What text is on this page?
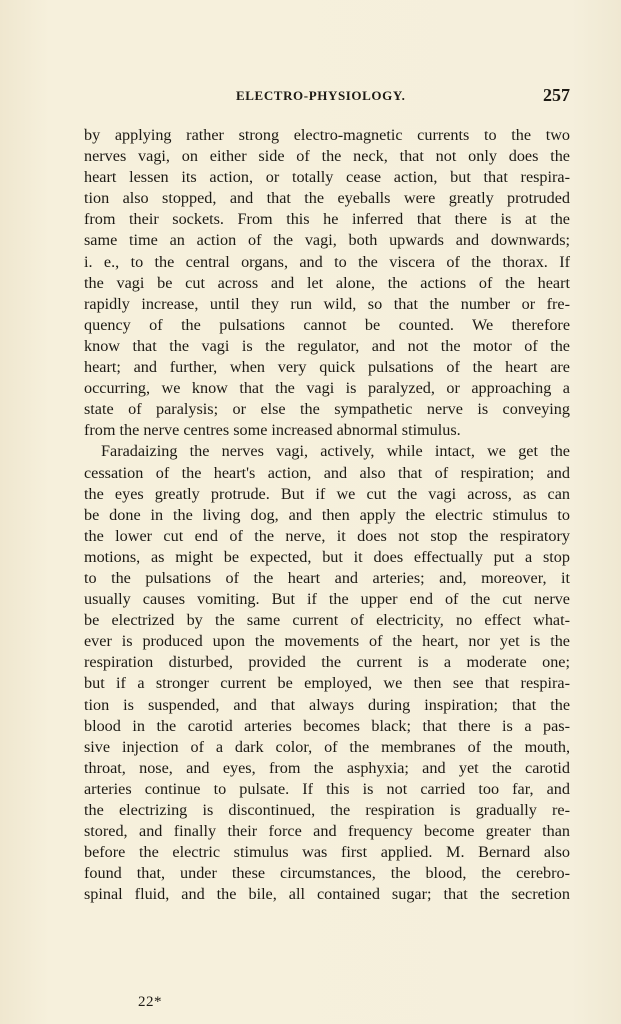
ELECTRO-PHYSIOLOGY.	257
by applying rather strong electro-magnetic currents to the two
nerves vagi, on either side of the neck, that not only does the
heart lessen its action, or totally cease action, but that respira-
tion also stopped, and that the eyeballs were greatly protruded
from their sockets. From this he inferred that there is at the
same time an action of the vagi, both upwards and downwards;
i. e., to the central organs, and to the viscera of the thorax. If
the vagi be cut across and let alone, the actions of the heart
rapidly increase, until they run wild, so that the number or fre-
quency of the pulsations cannot be counted. We therefore
know that the vagi is the regulator, and not the motor of the
heart; and further, when very quick pulsations of the heart are
occurring, we know that the vagi is paralyzed, or approaching a
state of paralysis; or else the sympathetic nerve is conveying
from the nerve centres some increased abnormal stimulus.
Faradaizing the nerves vagi, actively, while intact, we get the
cessation of the heart's action, and also that of respiration; and
the eyes greatly protrude. But if we cut the vagi across, as can
be done in the living dog, and then apply the electric stimulus to
the lower cut end of the nerve, it does not stop the respiratory
motions, as might be expected, but it does effectually put a stop
to the pulsations of the heart and arteries; and, moreover, it
usually causes vomiting. But if the upper end of the cut nerve
be electrized by the same current of electricity, no effect what-
ever is produced upon the movements of the heart, nor yet is the
respiration disturbed, provided the current is a moderate one;
but if a stronger current be employed, we then see that respira-
tion is suspended, and that always during inspiration; that the
blood in the carotid arteries becomes black; that there is a pas-
sive injection of a dark color, of the membranes of the mouth,
throat, nose, and eyes, from the asphyxia; and yet the carotid
arteries continue to pulsate. If this is not carried too far, and
the electrizing is discontinued, the respiration is gradually re-
stored, and finally their force and frequency become greater than
before the electric stimulus was first applied. M. Bernard also
found that, under these circumstances, the blood, the cerebro-
spinal fluid, and the bile, all contained sugar; that the secretion
22*
